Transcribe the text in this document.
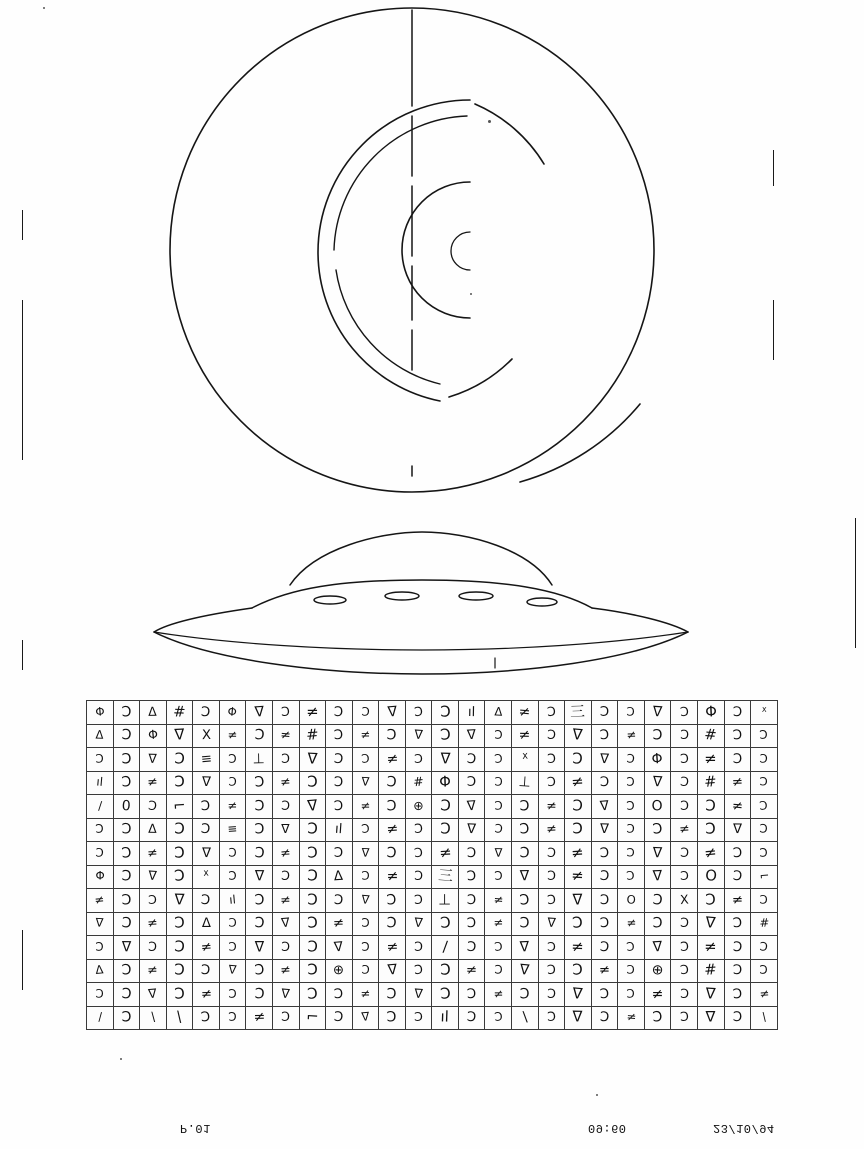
Φ	Ɔ	ᐃ	#	Ɔ	Φ	ᐁ	Ɔ	≠	Ɔ	Ɔ	ᐁ	Ɔ	Ɔ	ıl	ᐃ	≠	Ɔ	三	Ɔ	Ɔ	ᐁ	Ɔ	Φ	Ɔ	ᕁ
ᐃ	Ɔ	Φ	ᐁ	X	≠	Ɔ	≠	#	Ɔ	≠	Ɔ	ᐁ	Ɔ	ᐁ	Ɔ	≠	Ɔ	ᐁ	Ɔ	≠	Ɔ	Ɔ	#	Ɔ	Ɔ
Ɔ	Ɔ	ᐁ	Ɔ	≡	Ɔ	⊥	Ɔ	ᐁ	Ɔ	Ɔ	≠	Ɔ	ᐁ	Ɔ	Ɔ	ᕁ	Ɔ	Ɔ	ᐁ	Ɔ	Φ	Ɔ	≠	Ɔ	Ɔ
ıl	Ɔ	≠	Ɔ	ᐁ	Ɔ	Ɔ	≠	Ɔ	Ɔ	ᐁ	Ɔ	#	Φ	Ɔ	Ɔ	⊥	Ɔ	≠	Ɔ	Ɔ	ᐁ	Ɔ	#	≠	Ɔ
/	0	Ɔ	⌐	Ɔ	≠	Ɔ	Ɔ	ᐁ	Ɔ	≠	Ɔ	⊕	Ɔ	ᐁ	Ɔ	Ɔ	≠	Ɔ	ᐁ	Ɔ	O	Ɔ	Ɔ	≠	Ɔ
Ɔ	Ɔ	ᐃ	Ɔ	Ɔ	≡	Ɔ	ᐁ	Ɔ	ıl	Ɔ	≠	Ɔ	Ɔ	ᐁ	Ɔ	Ɔ	≠	Ɔ	ᐁ	Ɔ	Ɔ	≠	Ɔ	ᐁ	Ɔ
Ɔ	Ɔ	≠	Ɔ	ᐁ	Ɔ	Ɔ	≠	Ɔ	Ɔ	ᐁ	Ɔ	Ɔ	≠	Ɔ	ᐁ	Ɔ	Ɔ	≠	Ɔ	Ɔ	ᐁ	Ɔ	≠	Ɔ	Ɔ
Φ	Ɔ	ᐁ	Ɔ	ᕁ	Ɔ	ᐁ	Ɔ	Ɔ	ᐃ	Ɔ	≠	Ɔ	三	Ɔ	Ɔ	ᐁ	Ɔ	≠	Ɔ	Ɔ	ᐁ	Ɔ	O	Ɔ	⌐
≠	Ɔ	Ɔ	ᐁ	Ɔ	ıl	Ɔ	≠	Ɔ	Ɔ	ᐁ	Ɔ	Ɔ	⊥	Ɔ	≠	Ɔ	Ɔ	ᐁ	Ɔ	O	Ɔ	X	Ɔ	≠	Ɔ
ᐁ	Ɔ	≠	Ɔ	ᐃ	Ɔ	Ɔ	ᐁ	Ɔ	≠	Ɔ	Ɔ	ᐁ	Ɔ	Ɔ	≠	Ɔ	ᐁ	Ɔ	Ɔ	≠	Ɔ	Ɔ	ᐁ	Ɔ	#
Ɔ	ᐁ	Ɔ	Ɔ	≠	Ɔ	ᐁ	Ɔ	Ɔ	ᐁ	Ɔ	≠	Ɔ	/	Ɔ	Ɔ	ᐁ	Ɔ	≠	Ɔ	Ɔ	ᐁ	Ɔ	≠	Ɔ	Ɔ
ᐃ	Ɔ	≠	Ɔ	Ɔ	ᐁ	Ɔ	≠	Ɔ	⊕	Ɔ	ᐁ	Ɔ	Ɔ	≠	Ɔ	ᐁ	Ɔ	Ɔ	≠	Ɔ	⊕	Ɔ	#	Ɔ	Ɔ
Ɔ	Ɔ	ᐁ	Ɔ	≠	Ɔ	Ɔ	ᐁ	Ɔ	Ɔ	≠	Ɔ	ᐁ	Ɔ	Ɔ	≠	Ɔ	Ɔ	ᐁ	Ɔ	Ɔ	≠	Ɔ	ᐁ	Ɔ	≠
/	Ɔ	\	\	Ɔ	Ɔ	≠	Ɔ	⌐	Ɔ	ᐁ	Ɔ	Ɔ	ıl	Ɔ	Ɔ	\	Ɔ	ᐁ	Ɔ	≠	Ɔ	Ɔ	ᐁ	Ɔ	\
23/10/94
09:60
P.01
